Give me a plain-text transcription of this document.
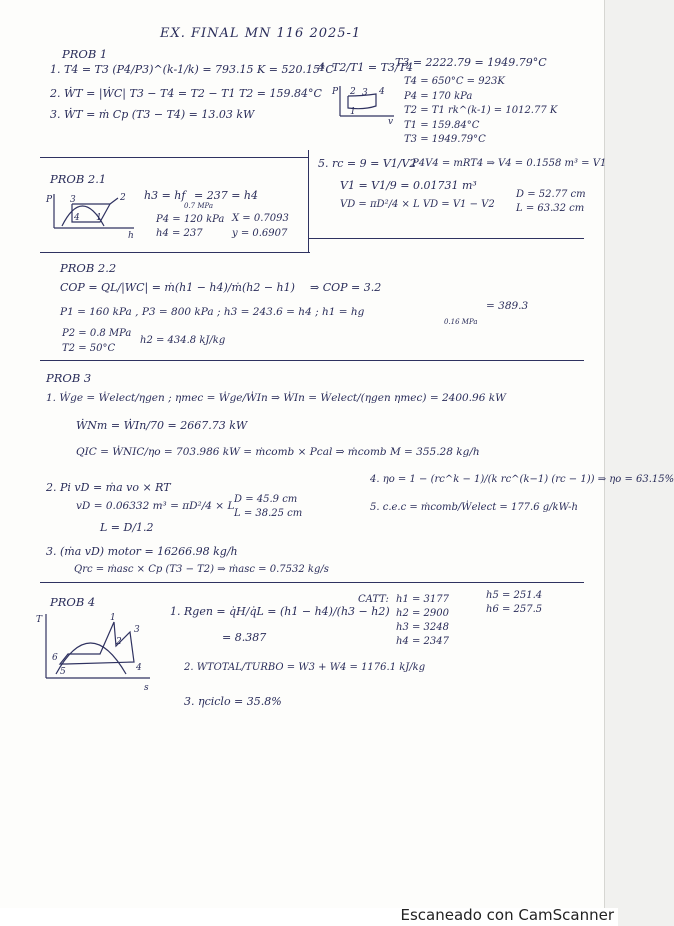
EX. FINAL MN 116 2025-1
PROB 1
1. T4 = T3 (P4/P3)^(k-1/k) = 793.15 K = 520.15°C
2. ẆT = |ẆC| T3 − T4 = T2 − T1 T2 = 159.84°C
3. ẆT = ṁ Cp (T3 − T4) = 13.03 kW
4. T2/T1 = T3/T4
T3 = 2222.79 = 1949.79°C
T4 = 650°C = 923K
P4 = 170 kPa
T2 = T1 rk^(k-1) = 1012.77 K
T1 = 159.84°C
T3 = 1949.79°C
P
v
1
2 3 4
5. rc = 9 = V1/V2
P4V4 = mRT4 ⇒ V4 = 0.1558 m³ = V1
V1 = V1/9 = 0.01731 m³
VD = πD²/4 × L VD = V1 − V2
D = 52.77 cm
L = 63.32 cm
PROB 2.1
P
h
1
2
3
4
h3 = hf
0.7 MPa
= 237 = h4
P4 = 120 kPa
h4 = 237
X = 0.7093
y = 0.6907
PROB 2.2
COP = QL/|WC| = ṁ(h1 − h4)/ṁ(h2 − h1) ⇒ COP = 3.2
P1 = 160 kPa , P3 = 800 kPa ; h3 = 243.6 = h4 ; h1 = hg
0.16 MPa
= 389.3
P2 = 0.8 MPa
T2 = 50°C
h2 = 434.8 kJ/kg
PROB 3
1. Ẇge = Ẇelect/ηgen ; ηmec = Ẇge/ẆIn ⇒ ẆIn = Ẇelect/(ηgen ηmec) = 2400.96 kW
ẆNm = ẆIn/70 = 2667.73 kW
QIC = ẆNIC/ηo = 703.986 kW = ṁcomb × Pcal ⇒ ṁcomb M = 355.28 kg/h
2. Pi vD = ṁa vo × RT
vD = 0.06332 m³ = πD²/4 × L
D = 45.9 cm
L = 38.25 cm
L = D/1.2
3. (ṁa vD) motor = 16266.98 kg/h
Qrc = ṁasc × Cp (T3 − T2) ⇒ ṁasc = 0.7532 kg/s
4. ηo = 1 − (rc^k − 1)/(k rc^(k−1) (rc − 1)) ⇒ ηo = 63.15%
5. c.e.c = ṁcomb/Ẇelect = 177.6 g/kW-h
PROB 4
T
s
1
2
3
4
5
6
1. Rgen = q̇H/q̇L = (h1 − h4)/(h3 − h2)
= 8.387
2. WTOTAL/TURBO = W3 + W4 = 1176.1 kJ/kg
3. ηciclo = 35.8%
CATT: h1 = 3177
h2 = 2900
h3 = 3248
h4 = 2347
h5 = 251.4
h6 = 257.5
Escaneado con CamScanner
